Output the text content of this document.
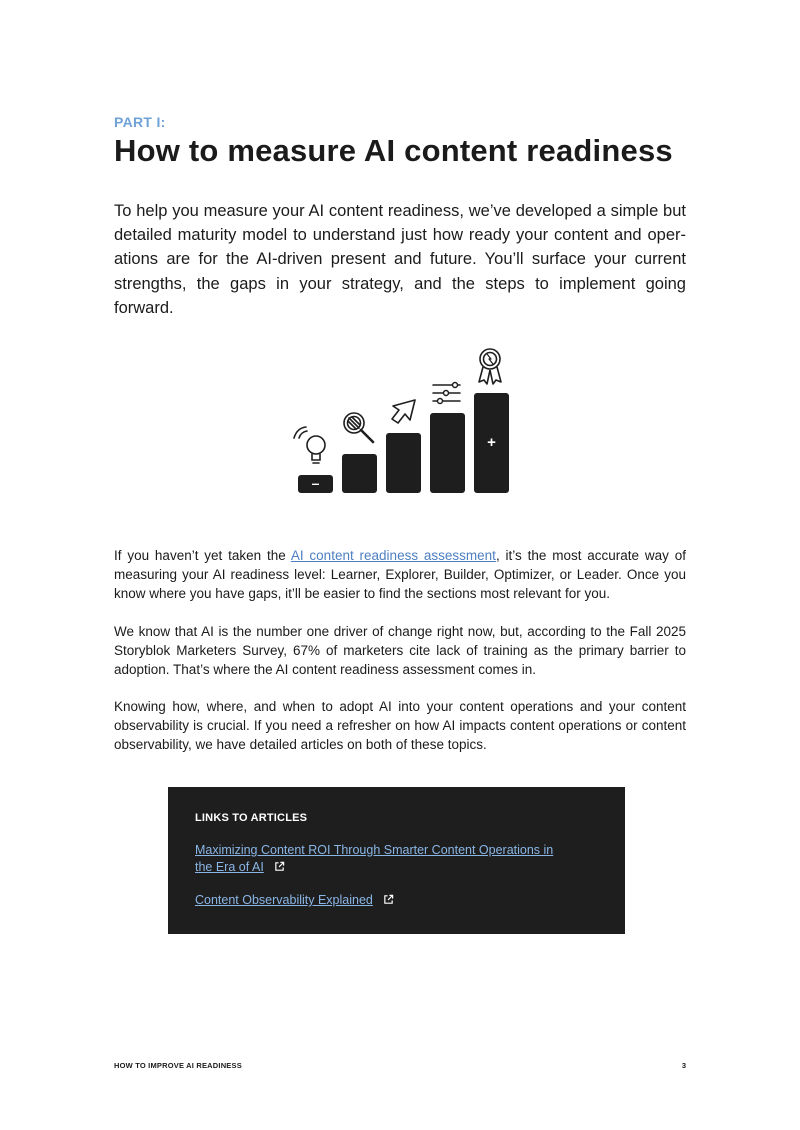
PART I:
How to measure AI content readiness

To help you measure your AI content readiness, we’ve developed a simple but detailed maturity model to understand just how ready your content and oper-ations are for the AI-driven present and future. You’ll surface your current strengths, the gaps in your strategy, and the steps to implement going forward.

–
+

If you haven’t yet taken the AI content readiness assessment, it’s the most accurate way of measuring your AI readiness level: Learner, Explorer, Builder, Optimizer, or Leader. Once you know where you have gaps, it’ll be easier to find the sections most relevant for you.

We know that AI is the number one driver of change right now, but, according to the Fall 2025 Storyblok Marketers Survey, 67% of marketers cite lack of training as the primary barrier to adoption. That’s where the AI content readiness assessment comes in.

Knowing how, where, and when to adopt AI into your content operations and your content observability is crucial. If you need a refresher on how AI impacts content operations or content observability, we have detailed articles on both of these topics.

LINKS TO ARTICLES
Maximizing Content ROI Through Smarter Content Operations in the Era of AI
Content Observability Explained
HOW TO IMPROVE AI READINESS	3
